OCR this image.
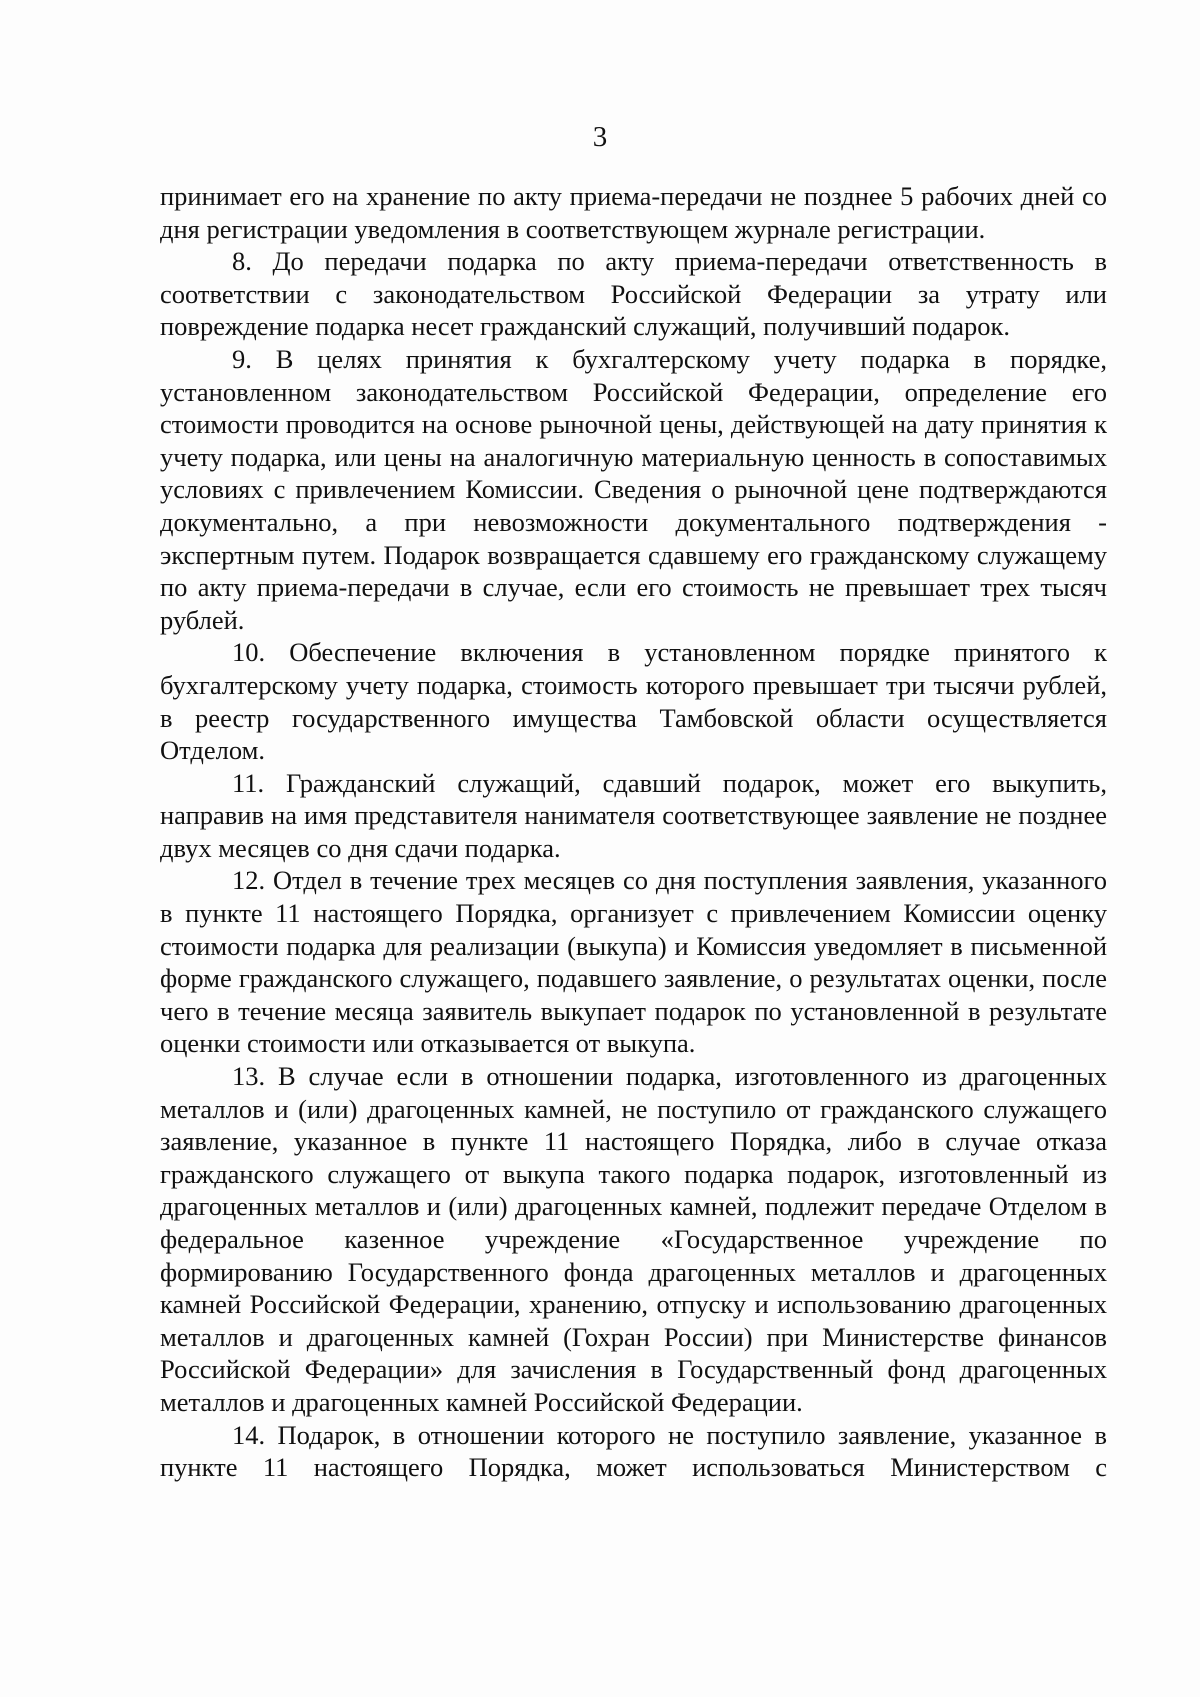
3

принимает его на хранение по акту приема-передачи не позднее 5 рабочих дней со дня регистрации уведомления в соответствующем журнале регистрации.

8. До передачи подарка по акту приема-передачи ответственность в соответствии с законодательством Российской Федерации за утрату или повреждение подарка несет гражданский служащий, получивший подарок.

9. В целях принятия к бухгалтерскому учету подарка в порядке, установленном законодательством Российской Федерации, определение его стоимости проводится на основе рыночной цены, действующей на дату принятия к учету подарка, или цены на аналогичную материальную ценность в сопоставимых условиях с привлечением Комиссии. Сведения о рыночной цене подтверждаются документально, а при невозможности документального подтверждения - экспертным путем. Подарок возвращается сдавшему его гражданскому служащему по акту приема-передачи в случае, если его стоимость не превышает трех тысяч рублей.

10. Обеспечение включения в установленном порядке принятого к бухгалтерскому учету подарка, стоимость которого превышает три тысячи рублей, в реестр государственного имущества Тамбовской области осуществляется Отделом.

11. Гражданский служащий, сдавший подарок, может его выкупить, направив на имя представителя нанимателя соответствующее заявление не позднее двух месяцев со дня сдачи подарка.

12. Отдел в течение трех месяцев со дня поступления заявления, указанного в пункте 11 настоящего Порядка, организует с привлечением Комиссии оценку стоимости подарка для реализации (выкупа) и Комиссия уведомляет в письменной форме гражданского служащего, подавшего заявление, о результатах оценки, после чего в течение месяца заявитель выкупает подарок по установленной в результате оценки стоимости или отказывается от выкупа.

13. В случае если в отношении подарка, изготовленного из драгоценных металлов и (или) драгоценных камней, не поступило от гражданского служащего заявление, указанное в пункте 11 настоящего Порядка, либо в случае отказа гражданского служащего от выкупа такого подарка подарок, изготовленный из драгоценных металлов и (или) драгоценных камней, подлежит передаче Отделом в федеральное казенное учреждение «Государственное учреждение по формированию Государственного фонда драгоценных металлов и драгоценных камней Российской Федерации, хранению, отпуску и использованию драгоценных металлов и драгоценных камней (Гохран России) при Министерстве финансов Российской Федерации» для зачисления в Государственный фонд драгоценных металлов и драгоценных камней Российской Федерации.

14. Подарок, в отношении которого не поступило заявление, указанное в пункте 11 настоящего Порядка, может использоваться Министерством с
